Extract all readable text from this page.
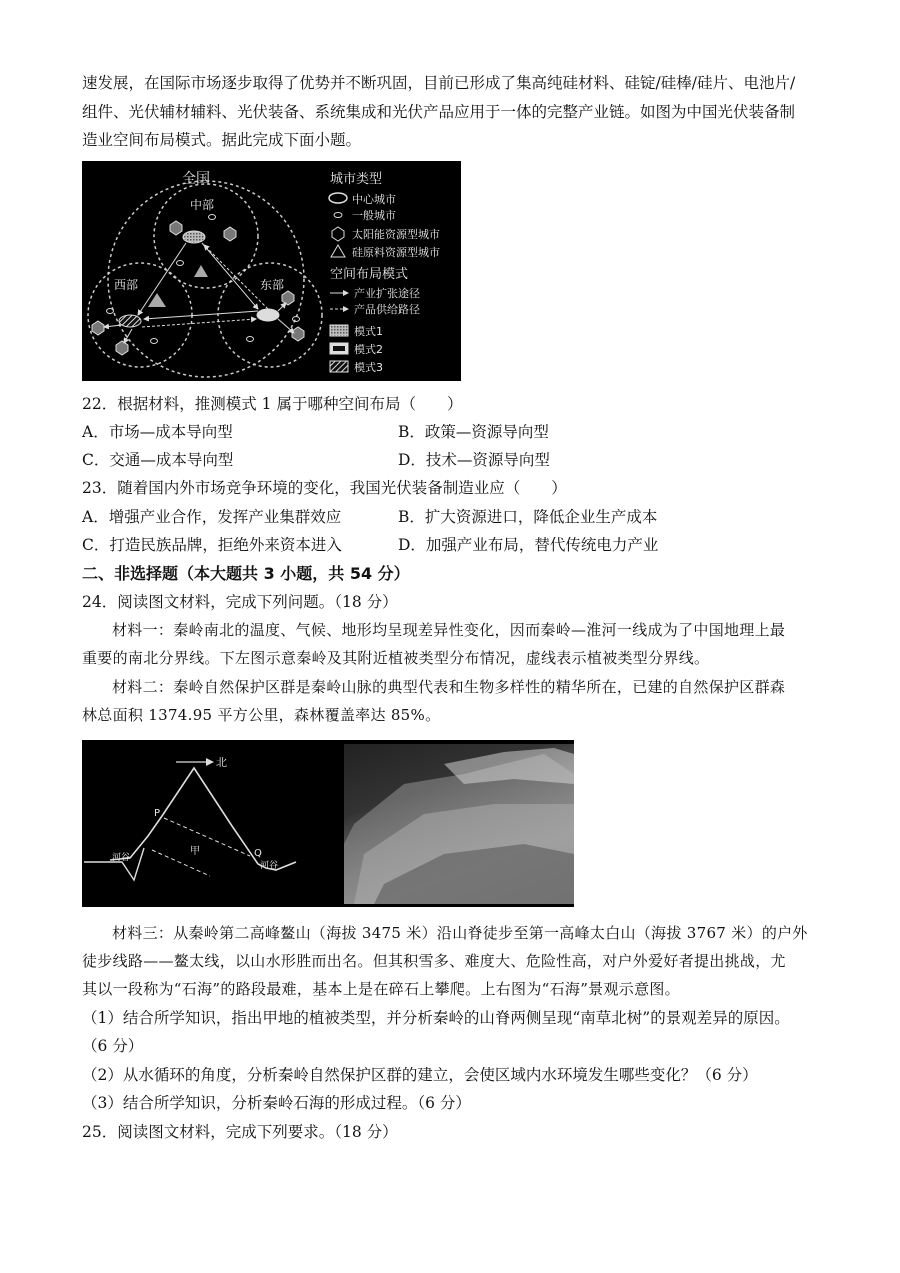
速发展，在国际市场逐步取得了优势并不断巩固，目前已形成了集高纯硅材料、硅锭/硅棒/硅片、电池片/
组件、光伏辅材辅料、光伏装备、系统集成和光伏产品应用于一体的完整产业链。如图为中国光伏装备制
造业空间布局模式。据此完成下面小题。
全国
中部
西部	东部
城市类型
中心城市
一般城市
太阳能资源型城市
硅原料资源型城市
空间布局模式
产业扩张途径
产品供给路径
模式1
模式2
模式3
22．根据材料，推测模式 1 属于哪种空间布局（　　）
A．市场—成本导向型	B．政策—资源导向型
C．交通—成本导向型	D．技术—资源导向型
23．随着国内外市场竞争环境的变化，我国光伏装备制造业应（　　）
A．增强产业合作，发挥产业集群效应	B．扩大资源进口，降低企业生产成本
C．打造民族品牌，拒绝外来资本进入	D．加强产业布局，替代传统电力产业
二、非选择题（本大题共 3 小题，共 54 分）
24．阅读图文材料，完成下列问题。（18 分）
材料一：秦岭南北的温度、气候、地形均呈现差异性变化，因而秦岭—淮河一线成为了中国地理上最
重要的南北分界线。下左图示意秦岭及其附近植被类型分布情况，虚线表示植被类型分界线。
材料二：秦岭自然保护区群是秦岭山脉的典型代表和生物多样性的精华所在，已建的自然保护区群森
林总面积 1374.95 平方公里，森林覆盖率达 85%。
北
P
Q
甲
河谷
河谷
材料三：从秦岭第二高峰鳌山（海拔 3475 米）沿山脊徒步至第一高峰太白山（海拔 3767 米）的户外
徒步线路——鳌太线，以山水形胜而出名。但其积雪多、难度大、危险性高，对户外爱好者提出挑战，尤
其以一段称为“石海”的路段最难，基本上是在碎石上攀爬。上右图为“石海”景观示意图。
（1）结合所学知识，指出甲地的植被类型，并分析秦岭的山脊两侧呈现“南草北树”的景观差异的原因。
（6 分）
（2）从水循环的角度，分析秦岭自然保护区群的建立，会使区域内水环境发生哪些变化？（6 分）
（3）结合所学知识，分析秦岭石海的形成过程。（6 分）
25．阅读图文材料，完成下列要求。（18 分）
